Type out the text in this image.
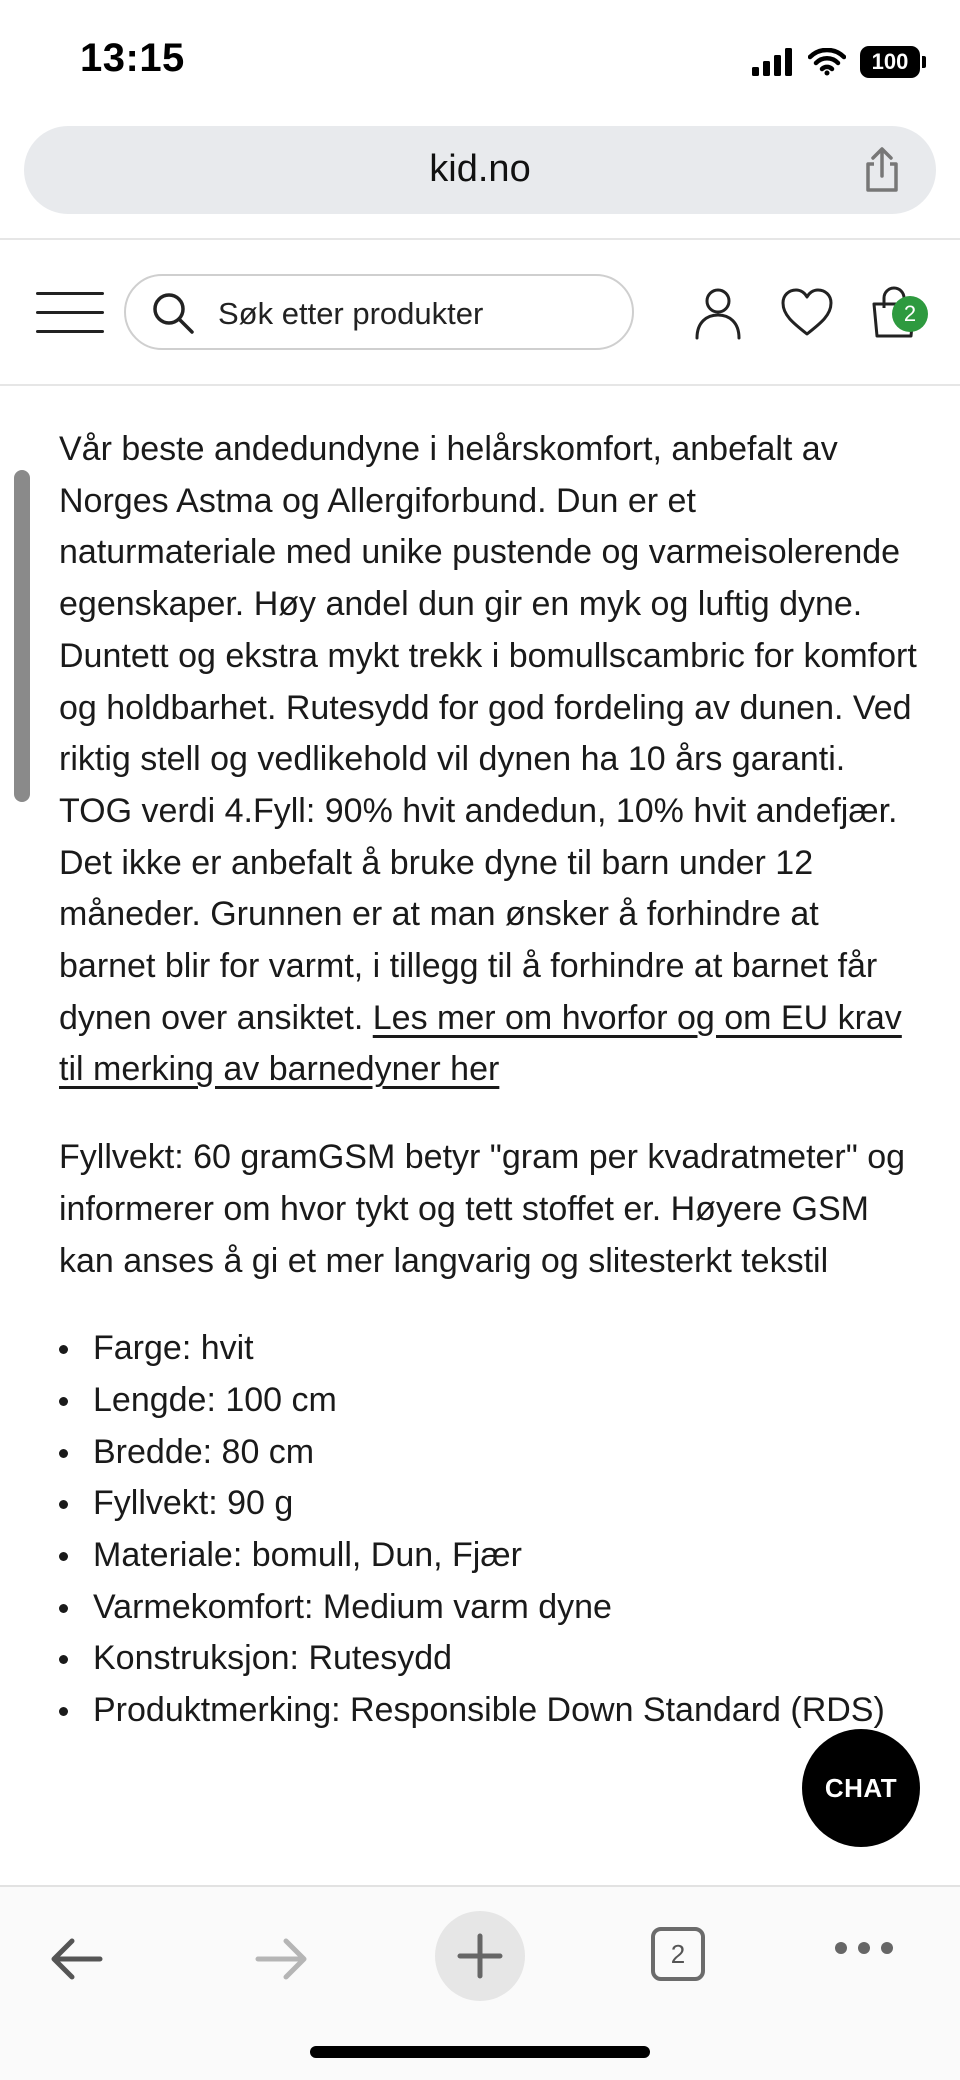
13:15	100
kid.no
Søk etter produkter
2

Vår beste andedundyne i helårskomfort, anbefalt av Norges Astma og Allergiforbund. Dun er et naturmateriale med unike pustende og varmeisolerende egenskaper. Høy andel dun gir en myk og luftig dyne. Duntett og ekstra mykt trekk i bomullscambric for komfort og holdbarhet. Rutesydd for god fordeling av dunen. Ved riktig stell og vedlikehold vil dynen ha 10 års garanti. TOG verdi 4.Fyll: 90% hvit andedun, 10% hvit andefjær. Det ikke er anbefalt å bruke dyne til barn under 12 måneder. Grunnen er at man ønsker å forhindre at barnet blir for varmt, i tillegg til å forhindre at barnet får dynen over ansiktet. Les mer om hvorfor og om EU krav til merking av barnedyner her

Fyllvekt: 60 gramGSM betyr "gram per kvadratmeter" og informerer om hvor tykt og tett stoffet er. Høyere GSM kan anses å gi et mer langvarig og slitesterkt tekstil

Farge: hvit
Lengde: 100 cm
Bredde: 80 cm
Fyllvekt: 90 g
Materiale: bomull, Dun, Fjær
Varmekomfort: Medium varm dyne
Konstruksjon: Rutesydd
Produktmerking: Responsible Down Standard (RDS)
CHAT
2
